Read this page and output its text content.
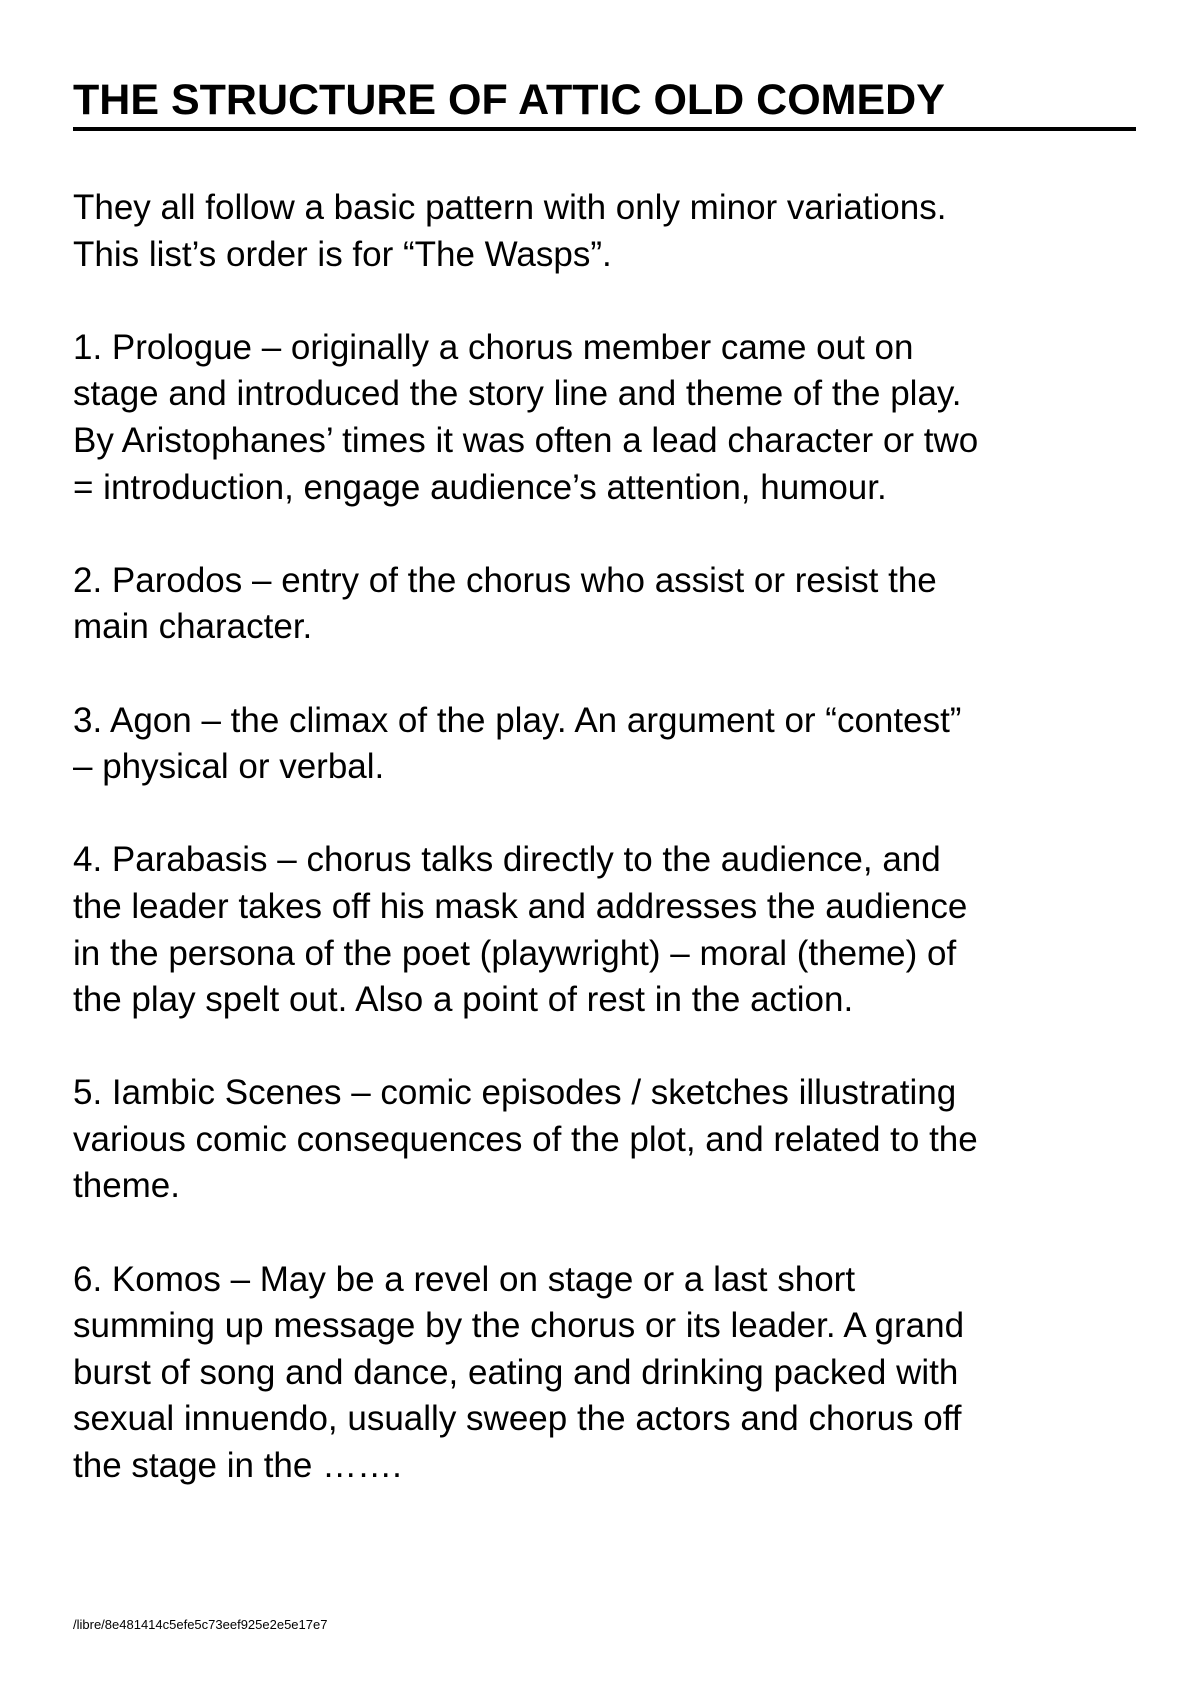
THE STRUCTURE OF ATTIC OLD COMEDY

They all follow a basic pattern with only minor variations.
This list’s order is for “The Wasps”.

1. Prologue – originally a chorus member came out on
stage and introduced the story line and theme of the play.
By Aristophanes’ times it was often a lead character or two
= introduction, engage audience’s attention, humour.

2. Parodos – entry of the chorus who assist or resist the
main character.

3. Agon – the climax of the play. An argument or “contest”
– physical or verbal.

4. Parabasis – chorus talks directly to the audience, and
the leader takes off his mask and addresses the audience
in the persona of the poet (playwright) – moral (theme) of
the play spelt out. Also a point of rest in the action.

5. Iambic Scenes – comic episodes / sketches illustrating
various comic consequences of the plot, and related to the
theme.

6. Komos – May be a revel on stage or a last short
summing up message by the chorus or its leader. A grand
burst of song and dance, eating and drinking packed with
sexual innuendo, usually sweep the actors and chorus off
the stage in the …….

/libre/8e481414c5efe5c73eef925e2e5e17e7
